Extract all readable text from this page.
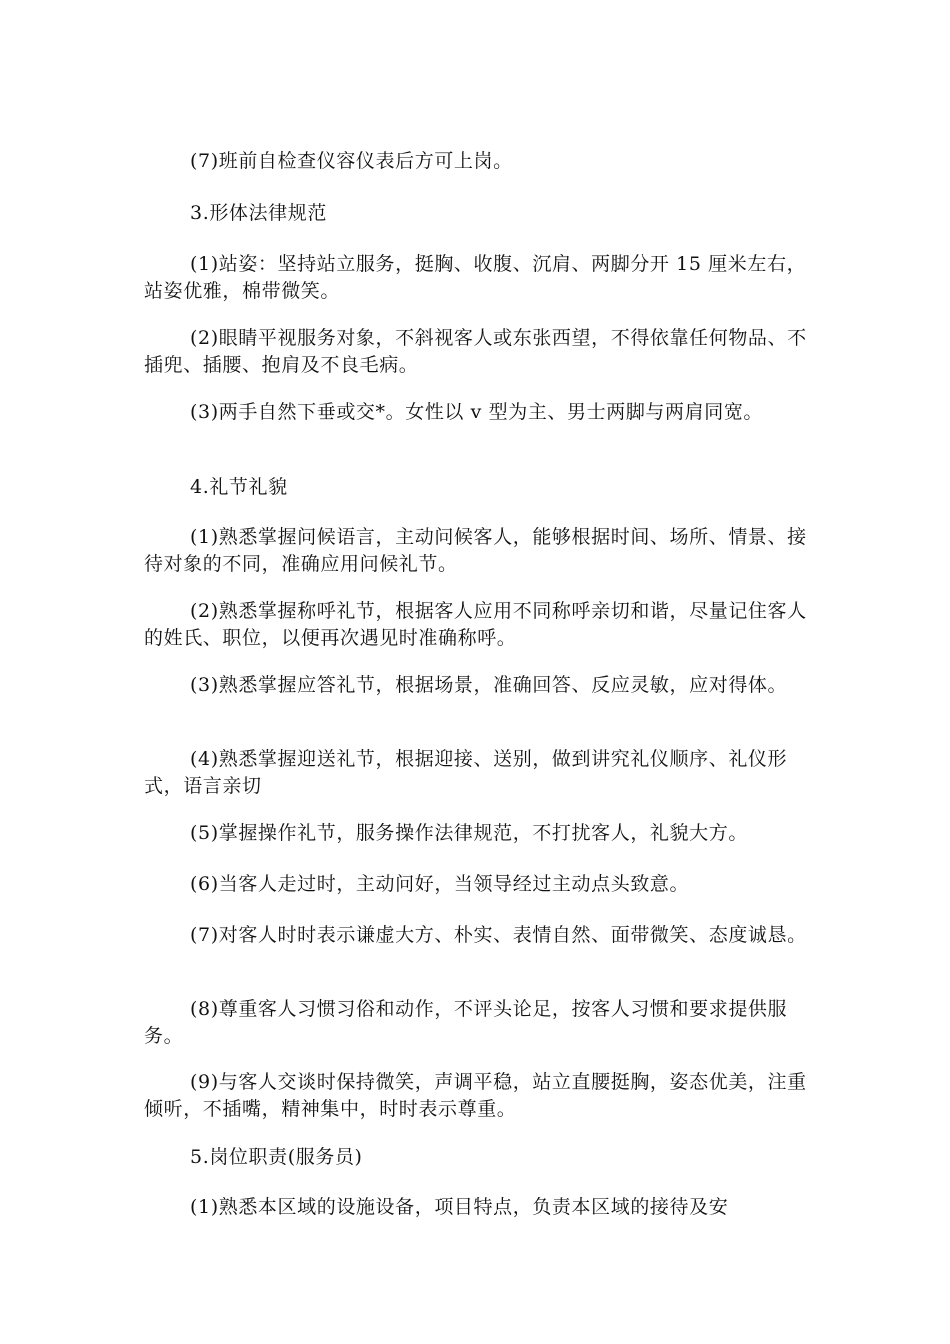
(7)班前自检查仪容仪表后方可上岗。

3.形体法律规范

(1)站姿：坚持站立服务，挺胸、收腹、沉肩、两脚分开 15 厘米左右，站姿优雅，棉带微笑。

(2)眼睛平视服务对象，不斜视客人或东张西望，不得依靠任何物品、不插兜、插腰、抱肩及不良毛病。

(3)两手自然下垂或交*。女性以 v 型为主、男士两脚与两肩同宽。

4.礼节礼貌

(1)熟悉掌握问候语言，主动问候客人，能够根据时间、场所、情景、接待对象的不同，准确应用问候礼节。

(2)熟悉掌握称呼礼节，根据客人应用不同称呼亲切和谐，尽量记住客人的姓氏、职位，以便再次遇见时准确称呼。

(3)熟悉掌握应答礼节，根据场景，准确回答、反应灵敏，应对得体。

(4)熟悉掌握迎送礼节，根据迎接、送别，做到讲究礼仪顺序、礼仪形式，语言亲切

(5)掌握操作礼节，服务操作法律规范，不打扰客人，礼貌大方。

(6)当客人走过时，主动问好，当领导经过主动点头致意。

(7)对客人时时表示谦虚大方、朴实、表情自然、面带微笑、态度诚恳。

(8)尊重客人习惯习俗和动作，不评头论足，按客人习惯和要求提供服务。

(9)与客人交谈时保持微笑，声调平稳，站立直腰挺胸，姿态优美，注重倾听，不插嘴，精神集中，时时表示尊重。

5.岗位职责(服务员)

(1)熟悉本区域的设施设备，项目特点，负责本区域的接待及安
